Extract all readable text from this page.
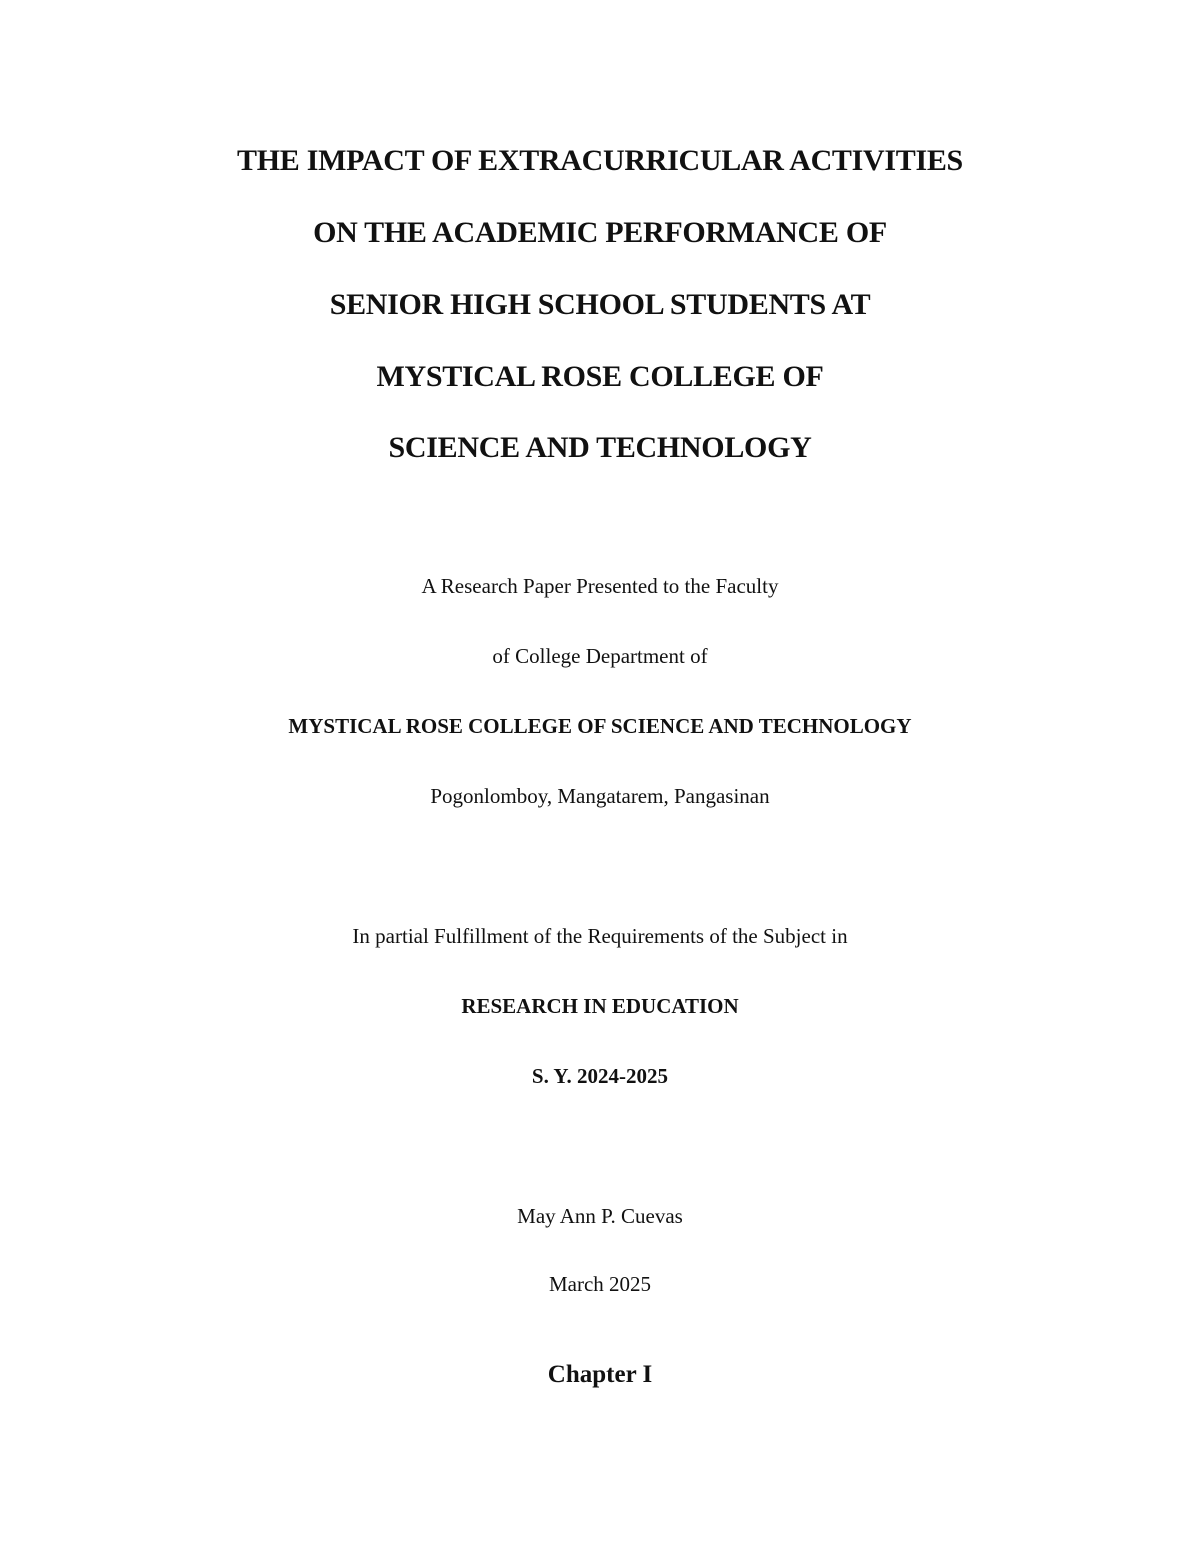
THE IMPACT OF EXTRACURRICULAR ACTIVITIES
ON THE ACADEMIC PERFORMANCE OF
SENIOR HIGH SCHOOL STUDENTS AT
MYSTICAL ROSE COLLEGE OF
SCIENCE AND TECHNOLOGY
A Research Paper Presented to the Faculty
of College Department of
MYSTICAL ROSE COLLEGE OF SCIENCE AND TECHNOLOGY
Pogonlomboy, Mangatarem, Pangasinan
In partial Fulfillment of the Requirements of the Subject in
RESEARCH IN EDUCATION
S. Y. 2024-2025
May Ann P. Cuevas
March 2025
Chapter I
